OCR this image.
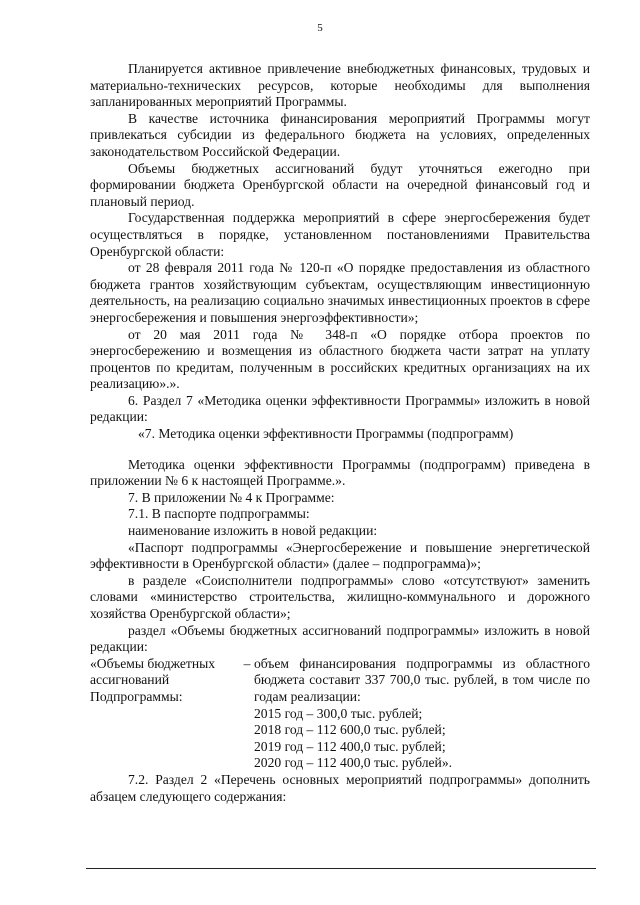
5

Планируется активное привлечение внебюджетных финансовых, трудовых и материально-технических ресурсов, которые необходимы для выполнения запланированных мероприятий Программы.

В качестве источника финансирования мероприятий Программы могут привлекаться субсидии из федерального бюджета на условиях, определенных законодательством Российской Федерации.

Объемы бюджетных ассигнований будут уточняться ежегодно при формировании бюджета Оренбургской области на очередной финансовый год и плановый период.

Государственная поддержка мероприятий в сфере энергосбережения будет осуществляться в порядке, установленном постановлениями Правительства Оренбургской области:

от 28 февраля 2011 года № 120-п «О порядке предоставления из областного бюджета грантов хозяйствующим субъектам, осуществляющим инвестиционную деятельность, на реализацию социально значимых инвестиционных проектов в сфере энергосбережения и повышения энергоэффективности»;

от 20 мая 2011 года № 348-п «О порядке отбора проектов по энергосбережению и возмещения из областного бюджета части затрат на уплату процентов по кредитам, полученным в российских кредитных организациях на их реализацию».».

6. Раздел 7 «Методика оценки эффективности Программы» изложить в новой редакции:

«7. Методика оценки эффективности Программы (подпрограмм)

Методика оценки эффективности Программы (подпрограмм) приведена в приложении № 6 к настоящей Программе.».

7. В приложении № 4 к Программе:

7.1. В паспорте подпрограммы:

наименование изложить в новой редакции:

«Паспорт подпрограммы «Энергосбережение и повышение энергетической эффективности в Оренбургской области» (далее – подпрограмма)»;

в разделе «Соисполнители подпрограммы» слово «отсутствуют» заменить словами «министерство строительства, жилищно-коммунального и дорожного хозяйства Оренбургской области»;

раздел «Объемы бюджетных ассигнований подпрограммы» изложить в новой редакции:

«Объемы бюджетных
ассигнований
Подпрограммы:
– объем финансирования подпрограммы из областного бюджета составит 337 700,0 тыс. рублей, в том числе по годам реализации:
2015 год – 300,0 тыс. рублей;
2018 год – 112 600,0 тыс. рублей;
2019 год – 112 400,0 тыс. рублей;
2020 год – 112 400,0 тыс. рублей».

7.2. Раздел 2 «Перечень основных мероприятий подпрограммы» дополнить абзацем следующего содержания:
